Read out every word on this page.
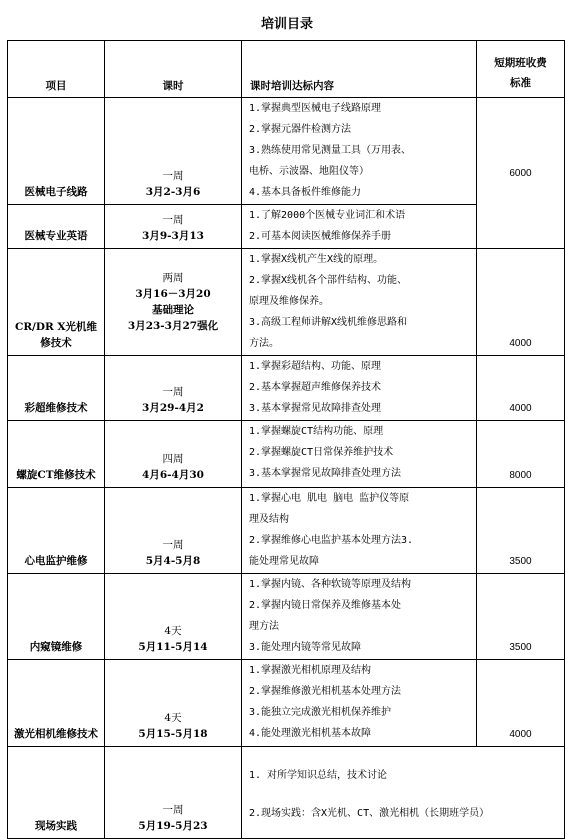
培训目录
项目	课时	课时培训达标内容	短期班收费
标准
医械电子线路	一周
3月2-3月6	1.掌握典型医械电子线路原理
2.掌握元器件检测方法
3.熟练使用常见测量工具（万用表、
电桥、示波器、地阻仪等）
4.基本具备板件维修能力	6000
医械专业英语	一周
3月9-3月13	1.了解2000个医械专业词汇和术语
2.可基本阅读医械维修保养手册	

CR/DR X光机维修技术	两周
3月16－3月20
基础理论
3月23-3月27强化	1.掌握X线机产生X线的原理。
2.掌握X线机各个部件结构、功能、
原理及维修保养。
3.高级工程师讲解X线机维修思路和
方法。	4000
彩超维修技术	一周
3月29-4月2	1.掌握彩超结构、功能、原理
2.基本掌握超声维修保养技术
3.基本掌握常见故障排查处理	4000
螺旋CT维修技术	四周
4月6-4月30	1.掌握螺旋CT结构功能、原理
2.掌握螺旋CT日常保养维护技术
3.基本掌握常见故障排查处理方法	8000
心电监护维修	一周
5月4-5月8	1.掌握心电 肌电 脑电 监护仪等原
理及结构
2.掌握维修心电监护基本处理方法3.
能处理常见故障	3500
内窥镜维修	4天
5月11-5月14	1.掌握内镜、各种软镜等原理及结构
2.掌握内镜日常保养及维修基本处
理方法
3.能处理内镜等常见故障	3500
激光相机维修技术	4天
5月15-5月18	1.掌握激光相机原理及结构
2.掌握维修激光相机基本处理方法
3.能独立完成激光相机保养维护
4.能处理激光相机基本故障	4000
现场实践	一周
5月19-5月23	1. 对所学知识总结，技术讨论
2.现场实践：含X光机、CT、激光相机（长期班学员）	
